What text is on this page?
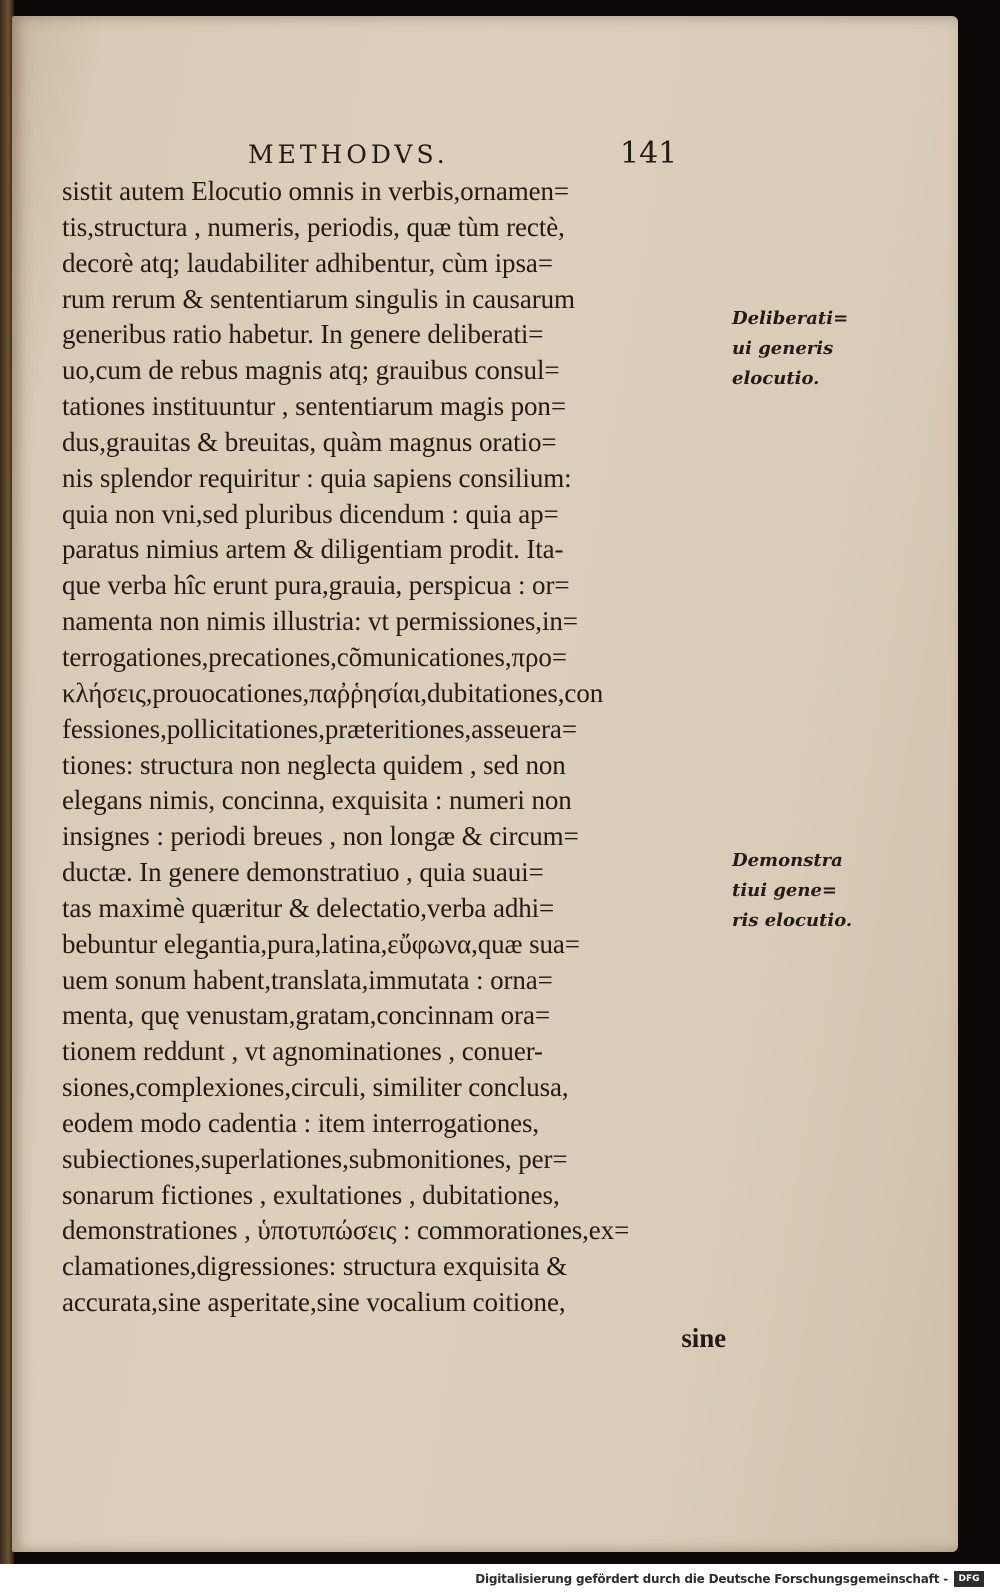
METHODVS.	141
sistit autem Elocutio omnis in verbis,ornamen=
tis,structura , numeris, periodis, quæ tùm rectè,
decorè atq; laudabiliter adhibentur, cùm ipsa=
rum rerum & sententiarum singulis in causarum
generibus ratio habetur. In genere deliberati=
uo,cum de rebus magnis atq; grauibus consul=
tationes instituuntur , sententiarum magis pon=
dus,grauitas & breuitas, quàm magnus oratio=
nis splendor requiritur : quia sapiens consilium:
quia non vni,sed pluribus dicendum : quia ap=
paratus nimius artem & diligentiam prodit. Ita-
que verba hîc erunt pura,grauia, perspicua : or=
namenta non nimis illustria: vt permissiones,in=
terrogationes,precationes,cõmunicationes,προ=
κλήσεις,prouocationes,παῤῥησίαι,dubitationes,con
fessiones,pollicitationes,præteritiones,asseuera=
tiones: structura non neglecta quidem , sed non
elegans nimis, concinna, exquisita : numeri non
insignes : periodi breues , non longæ & circum=
ductæ. In genere demonstratiuo , quia suaui=
tas maximè quæritur & delectatio,verba adhi=
bebuntur elegantia,pura,latina,εὔφωνα,quæ sua=
uem sonum habent,translata,immutata : orna=
menta, quę venustam,gratam,concinnam ora=
tionem reddunt , vt agnominationes , conuer-
siones,complexiones,circuli, similiter conclusa,
eodem modo cadentia : item interrogationes,
subiectiones,superlationes,submonitiones, per=
sonarum fictiones , exultationes , dubitationes,
demonstrationes , ὑποτυπώσεις : commorationes,ex=
clamationes,digressiones: structura exquisita &
accurata,sine asperitate,sine vocalium coitione,
sine
Deliberati=
ui generis
elocutio.
Demonstra
tiui gene=
ris elocutio.
Digitalisierung gefördert durch die Deutsche Forschungsgemeinschaft -	DFG
